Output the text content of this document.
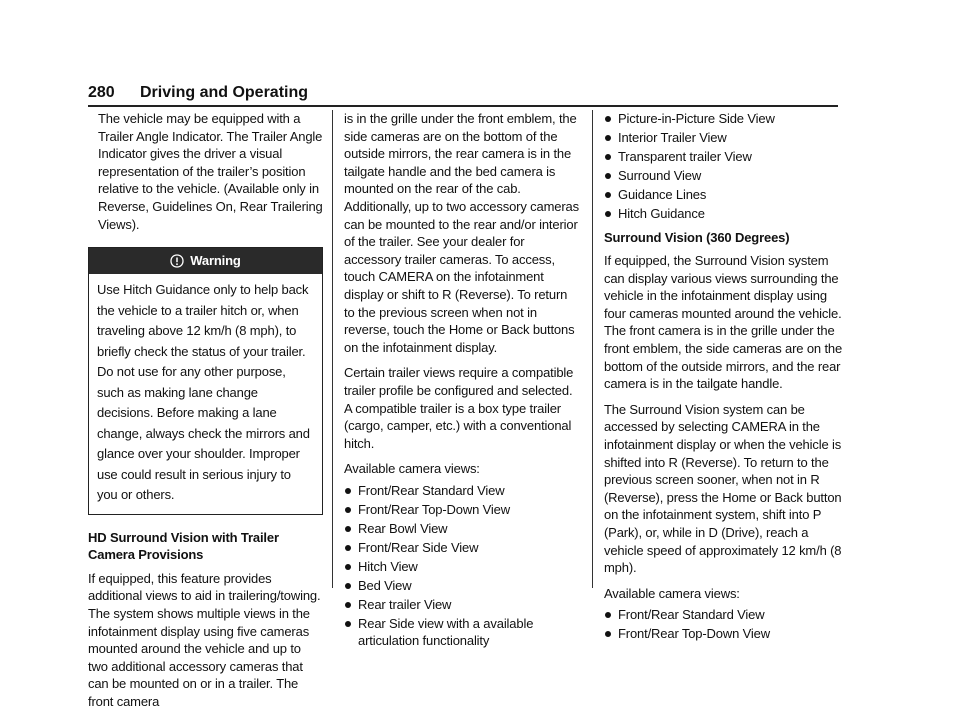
280 Driving and Operating

The vehicle may be equipped with a Trailer Angle Indicator. The Trailer Angle Indicator gives the driver a visual representation of the trailer’s position relative to the vehicle. (Available only in Reverse, Guidelines On, Rear Trailering Views).

Warning
Use Hitch Guidance only to help back the vehicle to a trailer hitch or, when traveling above 12 km/h (8 mph), to briefly check the status of your trailer. Do not use for any other purpose, such as making lane change decisions. Before making a lane change, always check the mirrors and glance over your shoulder. Improper use could result in serious injury to you or others.

HD Surround Vision with Trailer Camera Provisions

If equipped, this feature provides additional views to aid in trailering/towing. The system shows multiple views in the infotainment display using five cameras mounted around the vehicle and up to two additional accessory cameras that can be mounted on or in a trailer. The front camera

is in the grille under the front emblem, the side cameras are on the bottom of the outside mirrors, the rear camera is in the tailgate handle and the bed camera is mounted on the rear of the cab. Additionally, up to two accessory cameras can be mounted to the rear and/or interior of the trailer. See your dealer for accessory trailer cameras. To access, touch CAMERA on the infotainment display or shift to R (Reverse). To return to the previous screen when not in reverse, touch the Home or Back buttons on the infotainment display.

Certain trailer views require a compatible trailer profile be configured and selected. A compatible trailer is a box type trailer (cargo, camper, etc.) with a conventional hitch.

Available camera views:

Front/Rear Standard View
Front/Rear Top-Down View
Rear Bowl View
Front/Rear Side View
Hitch View
Bed View
Rear trailer View
Rear Side view with a available articulation functionality
Picture-in-Picture Side View
Interior Trailer View
Transparent trailer View
Surround View
Guidance Lines
Hitch Guidance

Surround Vision (360 Degrees)

If equipped, the Surround Vision system can display various views surrounding the vehicle in the infotainment display using four cameras mounted around the vehicle. The front camera is in the grille under the front emblem, the side cameras are on the bottom of the outside mirrors, and the rear camera is in the tailgate handle.

The Surround Vision system can be accessed by selecting CAMERA in the infotainment display or when the vehicle is shifted into R (Reverse). To return to the previous screen sooner, when not in R (Reverse), press the Home or Back button on the infotainment system, shift into P (Park), or, while in D (Drive), reach a vehicle speed of approximately 12 km/h (8 mph).

Available camera views:

Front/Rear Standard View
Front/Rear Top-Down View
